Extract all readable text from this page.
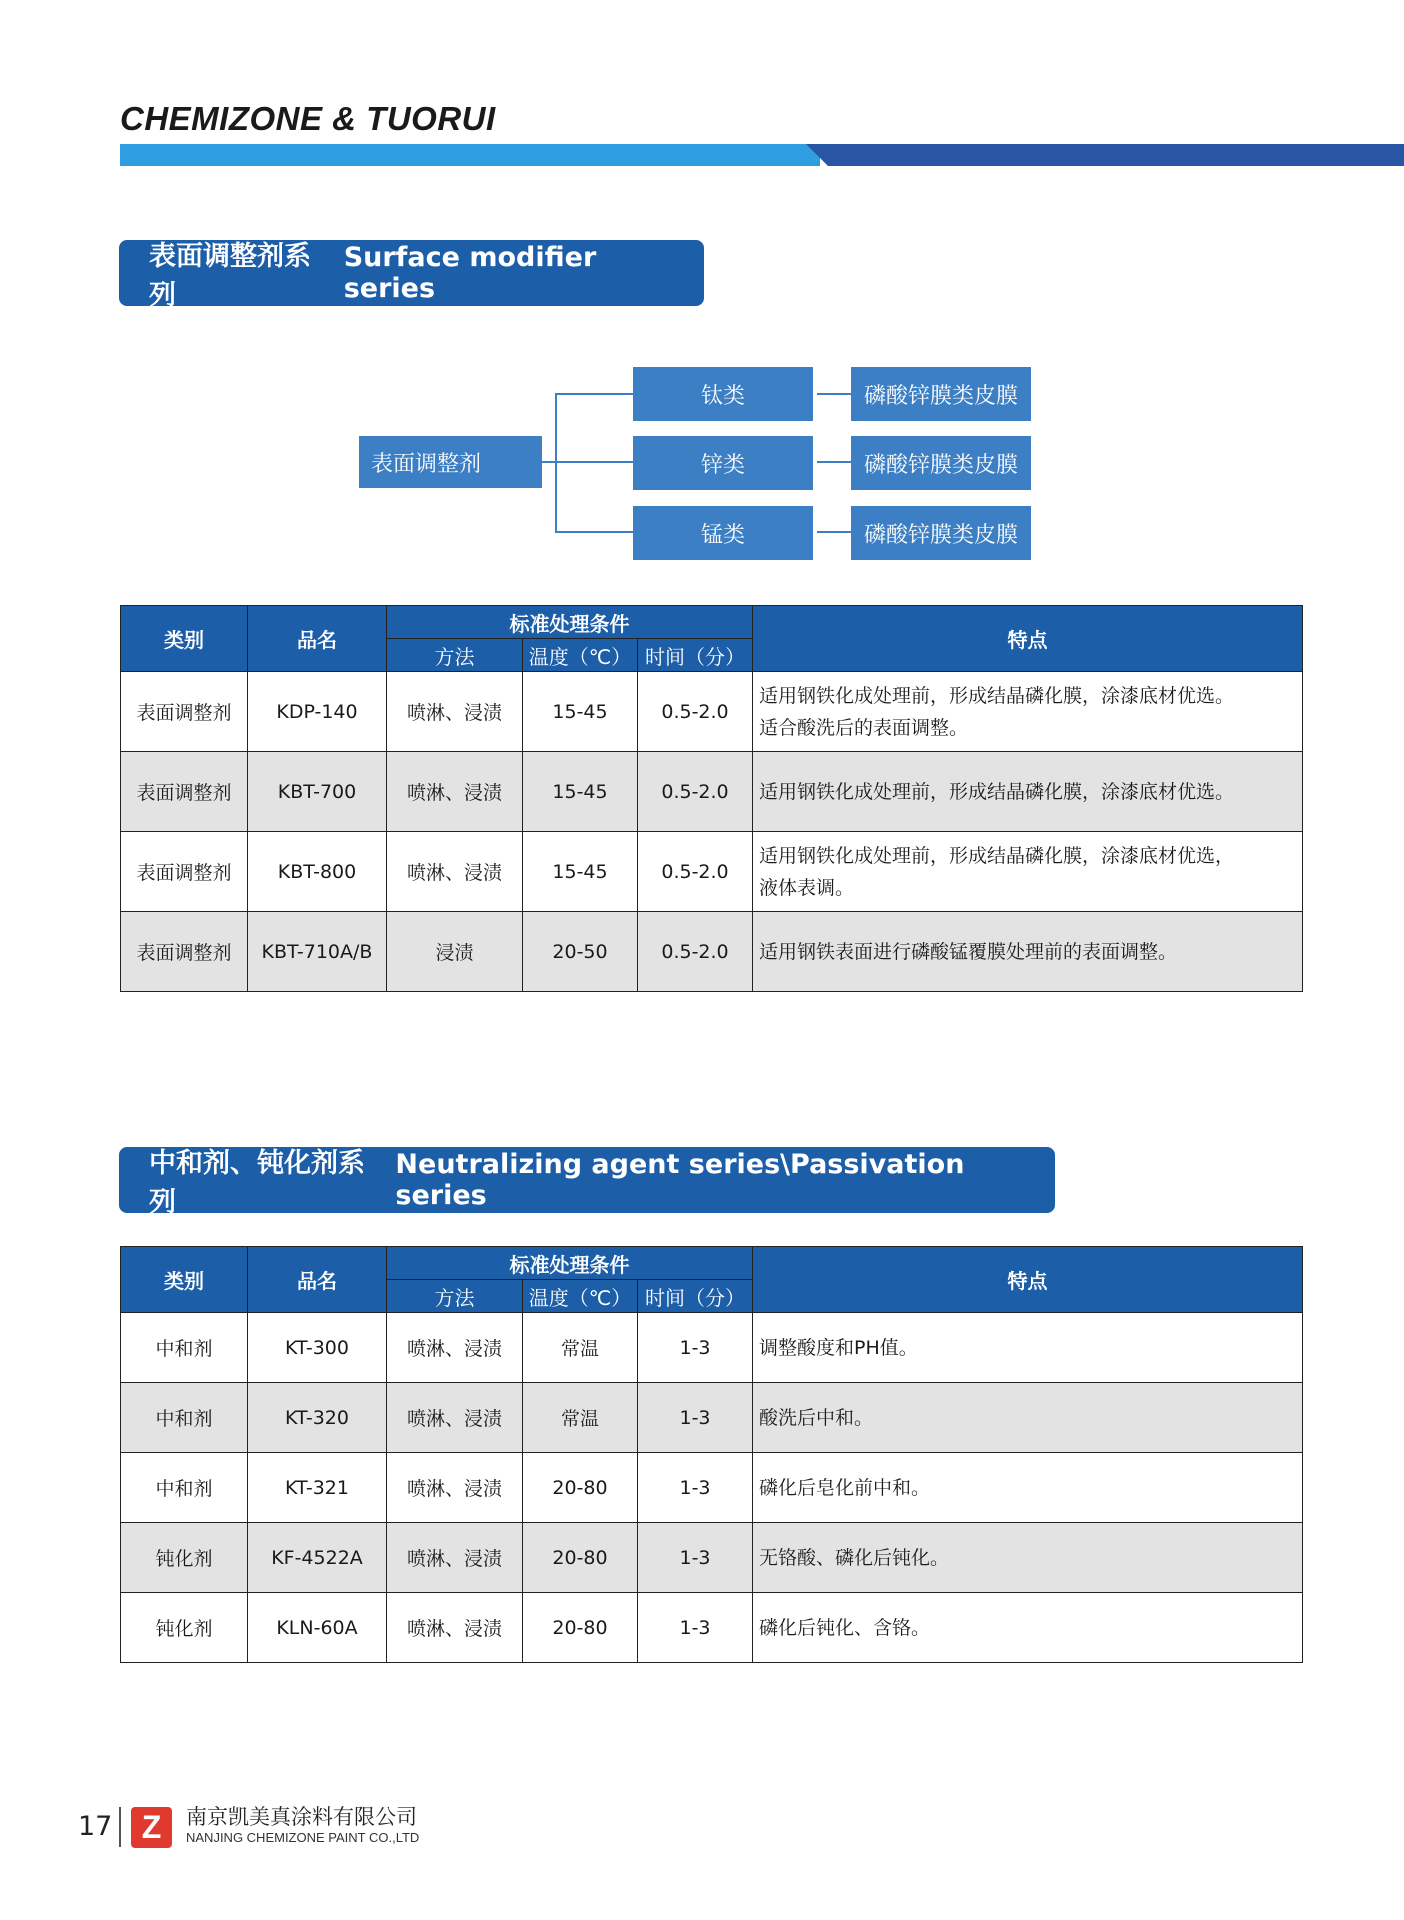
CHEMIZONE & TUORUI
表面调整剂系列
Surface modifier series
表面调整剂
钛类
锌类
锰类
磷酸锌膜类皮膜
磷酸锌膜类皮膜
磷酸锌膜类皮膜
类别	品名	标准处理条件			特点
		方法	温度（℃）	时间（分）	
表面调整剂	KDP-140	喷淋、浸渍	15-45	0.5-2.0	适用钢铁化成处理前，形成结晶磷化膜，涂漆底材优选。
适合酸洗后的表面调整。

表面调整剂	KBT-700	喷淋、浸渍	15-45	0.5-2.0	适用钢铁化成处理前，形成结晶磷化膜，涂漆底材优选。

表面调整剂	KBT-800	喷淋、浸渍	15-45	0.5-2.0	适用钢铁化成处理前，形成结晶磷化膜，涂漆底材优选，
液体表调。

表面调整剂	KBT-710A/B	浸渍	20-50	0.5-2.0	适用钢铁表面进行磷酸锰覆膜处理前的表面调整。
中和剂、钝化剂系列
Neutralizing agent series\Passivation series
类别	品名	标准处理条件			特点
		方法	温度（℃）	时间（分）	
中和剂	KT-300	喷淋、浸渍	常温	1-3	调整酸度和PH值。

中和剂	KT-320	喷淋、浸渍	常温	1-3	酸洗后中和。

中和剂	KT-321	喷淋、浸渍	20-80	1-3	磷化后皂化前中和。

钝化剂	KF-4522A	喷淋、浸渍	20-80	1-3	无铬酸、磷化后钝化。

钝化剂	KLN-60A	喷淋、浸渍	20-80	1-3	磷化后钝化、含铬。
17 Z 南京凯美真涂料有限公司
NANJING CHEMIZONE PAINT CO.,LTD
